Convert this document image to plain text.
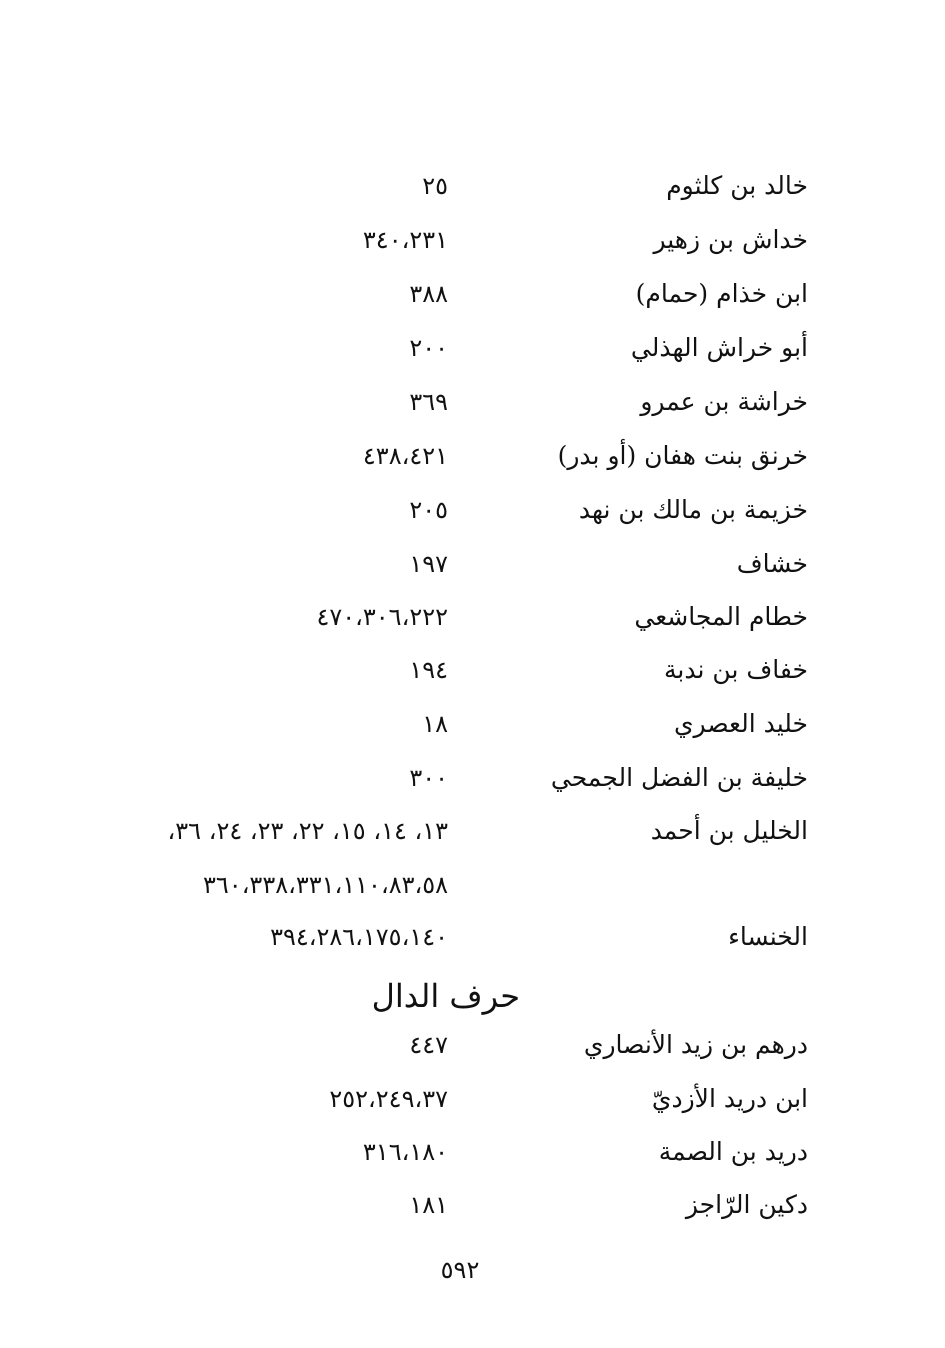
خالد بن كلثوم
٢٥
خداش بن زهير
٣٤٠،٢٣١
ابن خذام (حمام)
٣٨٨
أبو خراش الهذلي
٢٠٠
خراشة بن عمرو
٣٦٩
خرنق بنت هفان (أو بدر)
٤٣٨،٤٢١
خزيمة بن مالك بن نهد
٢٠٥
خشاف
١٩٧
خطام المجاشعي
٤٧٠،٣٠٦،٢٢٢
خفاف بن ندبة
١٩٤
خليد العصري
١٨
خليفة بن الفضل الجمحي
٣٠٠
الخليل بن أحمد
١٣، ١٤، ١٥، ٢٢، ٢٣، ٢٤، ٣٦،
٣٦٠،٣٣٨،٣٣١،١١٠،٨٣،٥٨
الخنساء
٣٩٤،٢٨٦،١٧٥،١٤٠
حرف الدال
درهم بن زيد الأنصاري
٤٤٧
ابن دريد الأزديّ
٢٥٢،٢٤٩،٣٧
دريد بن الصمة
٣١٦،١٨٠
دكين الرّاجز
١٨١
٥٩٢
